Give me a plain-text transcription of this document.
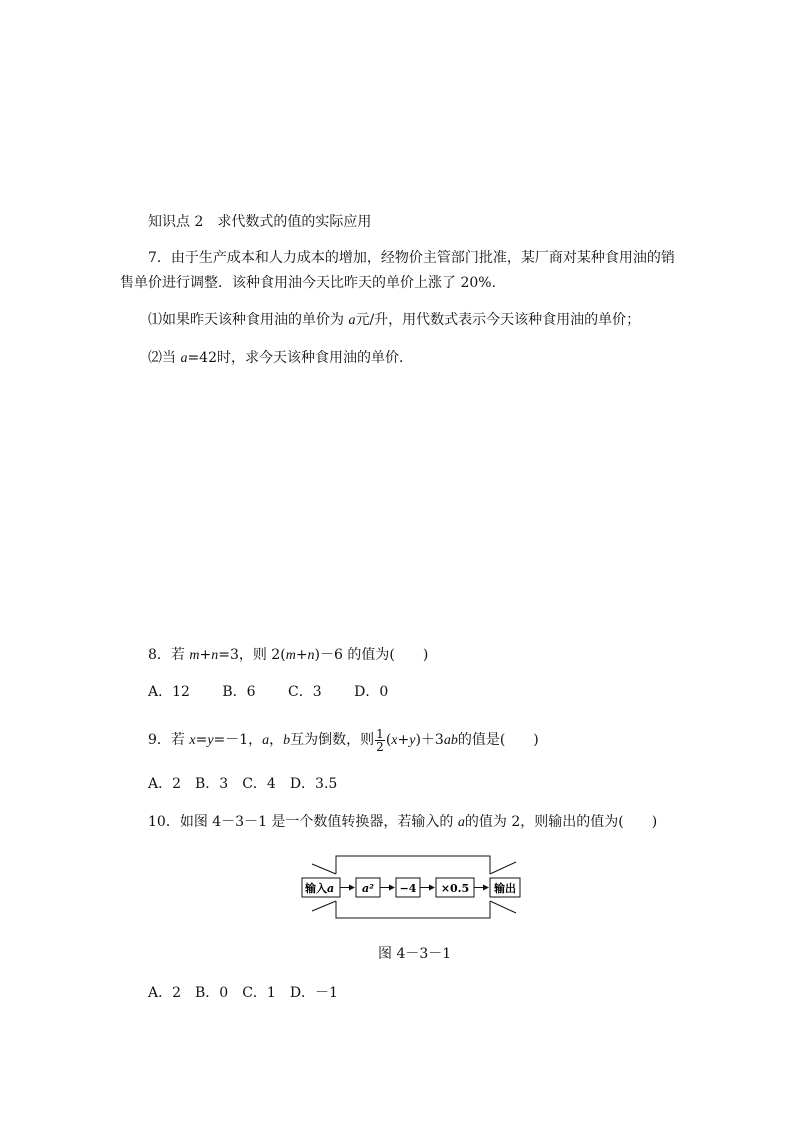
知识点 2　求代数式的值的实际应用
7．由于生产成本和人力成本的增加，经物价主管部门批准，某厂商对某种食用油的销
售单价进行调整．该种食用油今天比昨天的单价上涨了 20%.
⑴如果昨天该种食用油的单价为 a元/升，用代数式表示今天该种食用油的单价；
⑵当 a=42时，求今天该种食用油的单价．
8．若 m+n=3，则 2(m+n)－6 的值为(　　)
A．12　　 B．6　　 C．3　　 D．0
9．若 x=y=－1，a，b互为倒数，则 $\frac{1}{2} (x+y)+3ab$的值是(　　)
A．2　B．3　C．4　D．3.5
10．如图 4－3－1 是一个数值转换器，若输入的 a的值为 2，则输出的值为(　　)
输入a	a² −4 ×0.5 输出
图 4－3－1
A．2　B．0　C．1　D．－1
